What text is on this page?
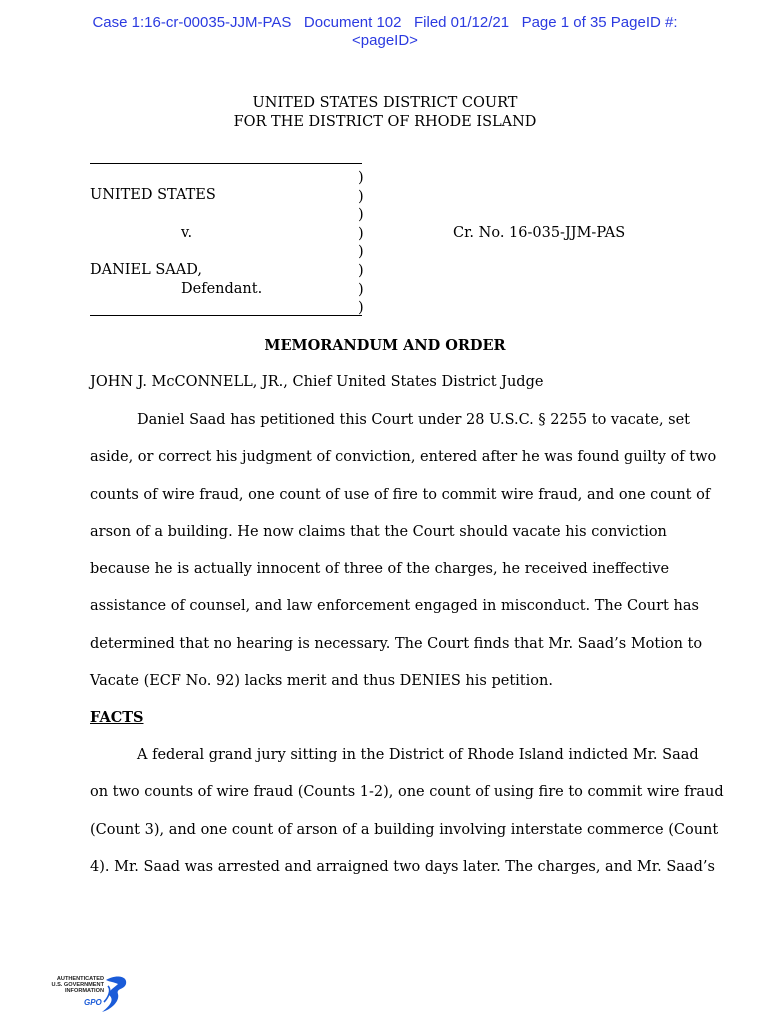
Case 1:16-cr-00035-JJM-PAS   Document 102   Filed 01/12/21   Page 1 of 35 PageID #:
<pageID>
UNITED STATES DISTRICT COURT
FOR THE DISTRICT OF RHODE ISLAND
)
)
)
)
)
)
)
)
UNITED STATES
v.	Cr. No. 16-035-JJM-PAS
DANIEL SAAD,
Defendant.
MEMORANDUM AND ORDER
JOHN J. McCONNELL, JR., Chief United States District Judge
Daniel Saad has petitioned this Court under 28 U.S.C. § 2255 to vacate, set
aside, or correct his judgment of conviction, entered after he was found guilty of two
counts of wire fraud, one count of use of fire to commit wire fraud, and one count of
arson of a building. He now claims that the Court should vacate his conviction
because he is actually innocent of three of the charges, he received ineffective
assistance of counsel, and law enforcement engaged in misconduct. The Court has
determined that no hearing is necessary. The Court finds that Mr. Saad’s Motion to
Vacate (ECF No. 92) lacks merit and thus DENIES his petition.
FACTS
A federal grand jury sitting in the District of Rhode Island indicted Mr. Saad
on two counts of wire fraud (Counts 1-2), one count of using fire to commit wire fraud
(Count 3), and one count of arson of a building involving interstate commerce (Count
4). Mr. Saad was arrested and arraigned two days later. The charges, and Mr. Saad’s
AUTHENTICATED
U.S. GOVERNMENT
INFORMATION
GPO
